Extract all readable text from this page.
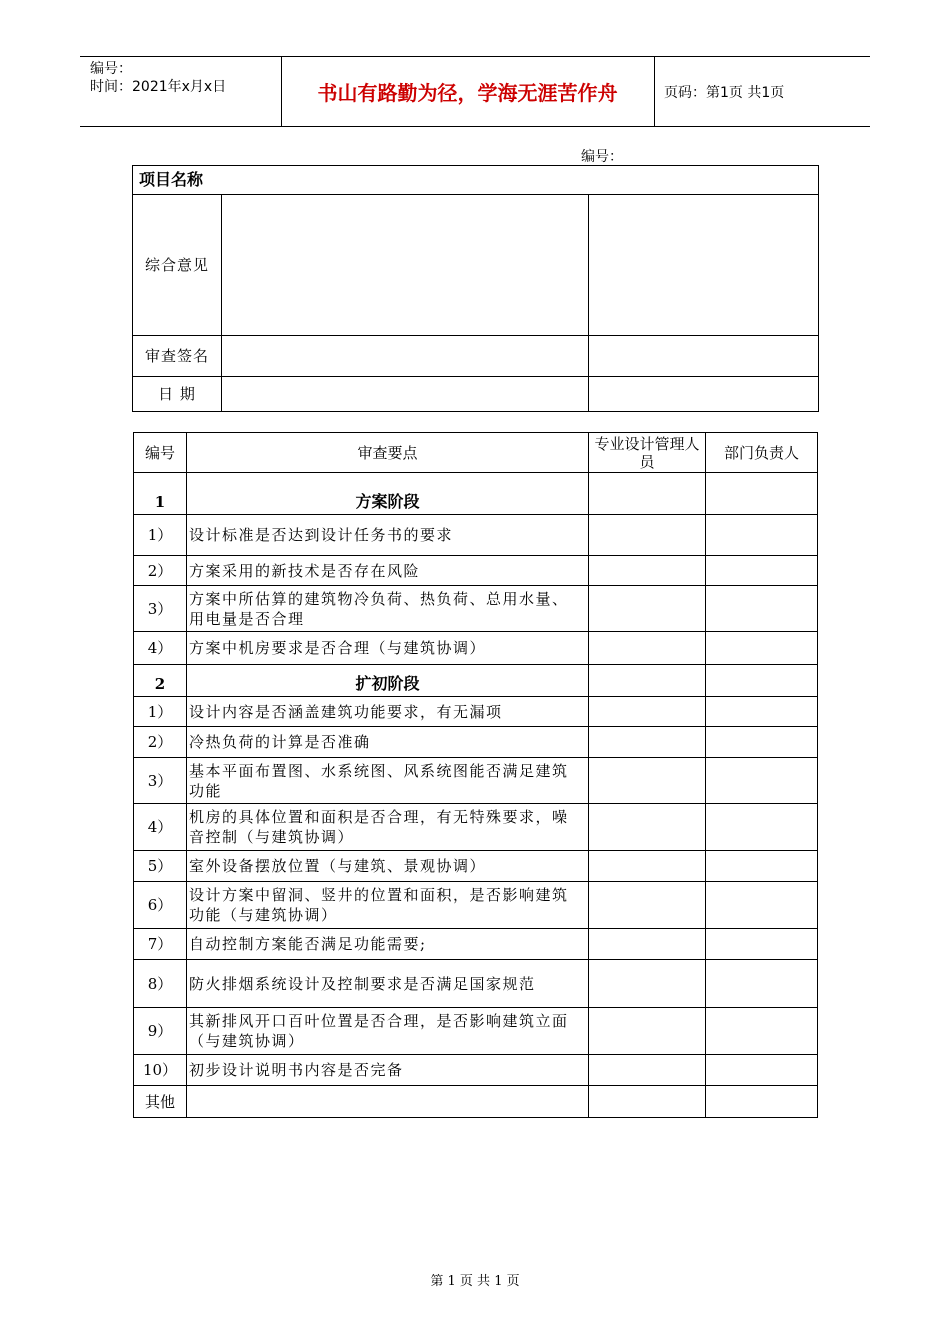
编号：
时间：2021年x月x日	书山有路勤为径，学海无涯苦作舟	页码：第1页 共1页
编号：
项目名称		
综合意见		
审查签名		
日 期		
编号	审查要点	专业设计管理人员	部门负责人
1	方案阶段		
1）	设计标准是否达到设计任务书的要求		
2）	方案采用的新技术是否存在风险		
3）	方案中所估算的建筑物冷负荷、热负荷、总用水量、用电量是否合理		
4）	方案中机房要求是否合理（与建筑协调）		
2	扩初阶段		
1）	设计内容是否涵盖建筑功能要求，有无漏项		
2）	冷热负荷的计算是否准确		
3）	基本平面布置图、水系统图、风系统图能否满足建筑功能		
4）	机房的具体位置和面积是否合理，有无特殊要求，噪音控制（与建筑协调）		
5）	室外设备摆放位置（与建筑、景观协调）		
6）	设计方案中留洞、竖井的位置和面积，是否影响建筑功能（与建筑协调）		
7）	自动控制方案能否满足功能需要;		
8）	防火排烟系统设计及控制要求是否满足国家规范		
9）	其新排风开口百叶位置是否合理，是否影响建筑立面（与建筑协调）		
10）	初步设计说明书内容是否完备		
其他			
第 1 页 共 1 页
